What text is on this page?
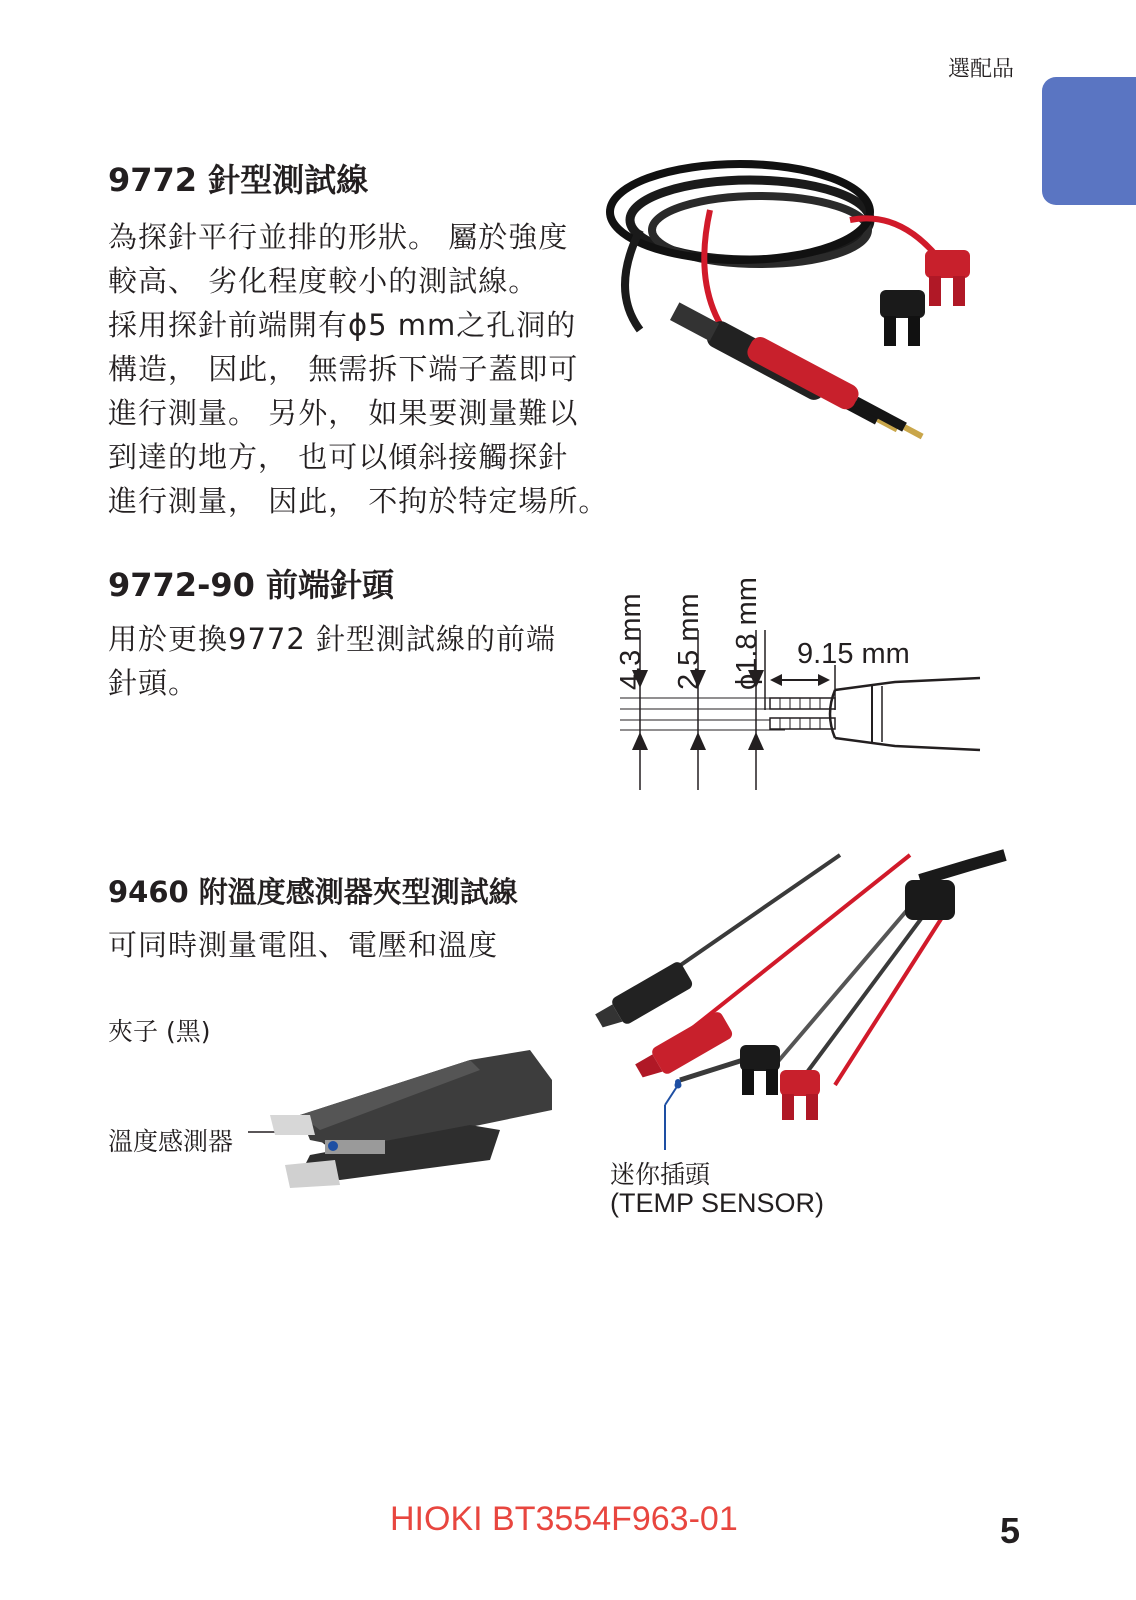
選配品
9772 針型測試線
為探針平行並排的形狀。 屬於強度
較高、 劣化程度較小的測試線。
採用探針前端開有ϕ5 mm之孔洞的
構造， 因此， 無需拆下端子蓋即可
進行測量。 另外， 如果要測量難以
到達的地方， 也可以傾斜接觸探針
進行測量， 因此， 不拘於特定場所。
9772-90 前端針頭
用於更換9772 針型測試線的前端
針頭。	4.3 mm 2.5 mm ϕ1.8 mm 9.15 mm
9460 附溫度感測器夾型測試線
可同時測量電阻、電壓和溫度
夾子 (黑)
溫度感測器
迷你插頭
(TEMP SENSOR)
HIOKI BT3554F963-01	5
